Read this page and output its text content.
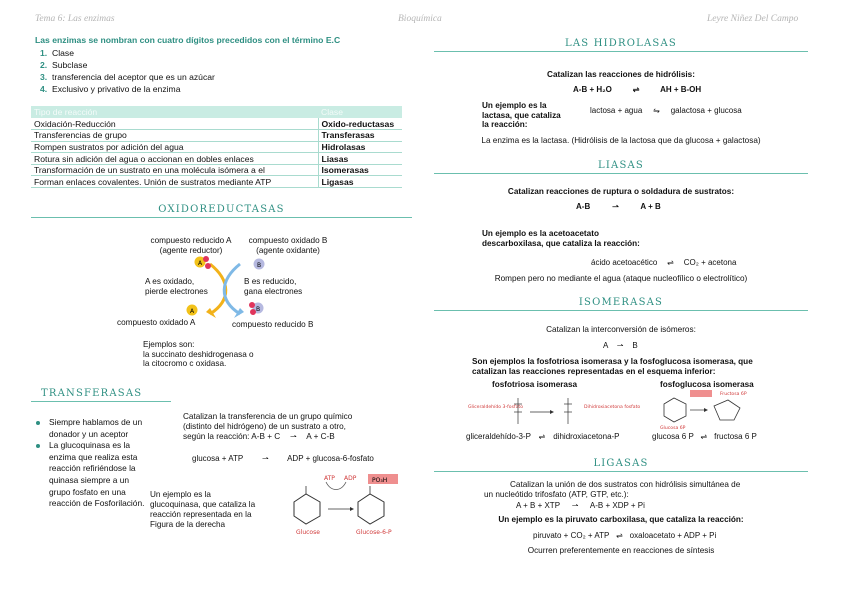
Tema 6: Las enzimas	Bioquímica	Leyre Niñez Del Campo
Las enzimas se nombran con cuatro dígitos precedidos con el término E.C
1. Clase
2. Subclase
3. transferencia del aceptor que es un azúcar
4. Exclusivo y privativo de la enzima
Tipo de reacción	Clase
Oxidación-Reducción	Oxido-reductasas
Transferencias de grupo	Transferasas
Rompen sustratos por adición del agua	Hidrolasas
Rotura sin adición del agua o accionan en dobles enlaces	Liasas
Transformación de un sustrato en una molécula isómera a el	Isomerasas
Forman enlaces covalentes. Unión de sustratos mediante ATP	Ligasas
OXIDOREDUCTASAS
compuesto reducido A
(agente reductor)
compuesto oxidado B
(agente oxidante)
A	B
A	B
A es oxidado,
pierde electrones
B es reducido,
gana electrones
compuesto oxidado A	compuesto reducido B
Ejemplos son:
la succinato deshidrogenasa o
la citocromo c oxidasa.
TRANSFERASAS
Siempre hablamos de un donador y un aceptor
La glucoquinasa es la enzima que realiza esta reacción refiriéndose la quinasa siempre a un grupo fosfato en una reacción de Fosforilación.
Catalizan la transferencia de un grupo químico
(distinto del hidrógeno) de un sustrato a otro,
según la reacción: A-B + C ⇀ A + C-B
glucosa + ATP ⇀ ADP + glucosa-6-fosfato
Un ejemplo es la
glucoquinasa, que cataliza la
reacción representada en la
Figura de la derecha
ATP ADP	PO₃H
Glucose	Glucose-6-P
LAS HIDROLASAS
Catalizan las reacciones de hidrólisis:
A-B + H₂O	⇌	AH + B-OH
Un ejemplo es la
lactasa, que cataliza
la reacción:
lactosa + agua ⇋ galactosa + glucosa
La enzima es la lactasa. (Hidrólisis de la lactosa que da glucosa + galactosa)
LIASAS
Catalizan reacciones de ruptura o soldadura de sustratos:
A-B	⇀	A + B
Un ejemplo es la acetoacetato
descarboxilasa, que cataliza la reacción:
ácido acetoacético ⇌ CO₂ + acetona
Rompen pero no mediante el agua (ataque nucleofílico o electrolítico)
ISOMERASAS
Catalizan la interconversión de isómeros:
A ⇀ B
Son ejemplos la fosfotriosa isomerasa y la fosfoglucosa isomerasa, que
catalizan las reacciones representadas en el esquema inferior:
fosfotriosa isomerasa	fosfoglucosa isomerasa
Gliceraldehído 3-fosfato	Dihidroxiacetona fosfato
Fructosa 6P
Glucosa 6P
gliceraldehído-3-P ⇌ dihidroxiacetona-P	glucosa 6 P ⇌ fructosa 6 P
LIGASAS
Catalizan la unión de dos sustratos con hidrólisis simultánea de
un nucleótido trifosfato (ATP, GTP, etc.):
A + B + XTP ⇀ A-B + XDP + Pi
Un ejemplo es la piruvato carboxilasa, que cataliza la reacción:
piruvato + CO₂ + ATP ⇌ oxaloacetato + ADP + Pi
Ocurren preferentemente en reacciones de síntesis
